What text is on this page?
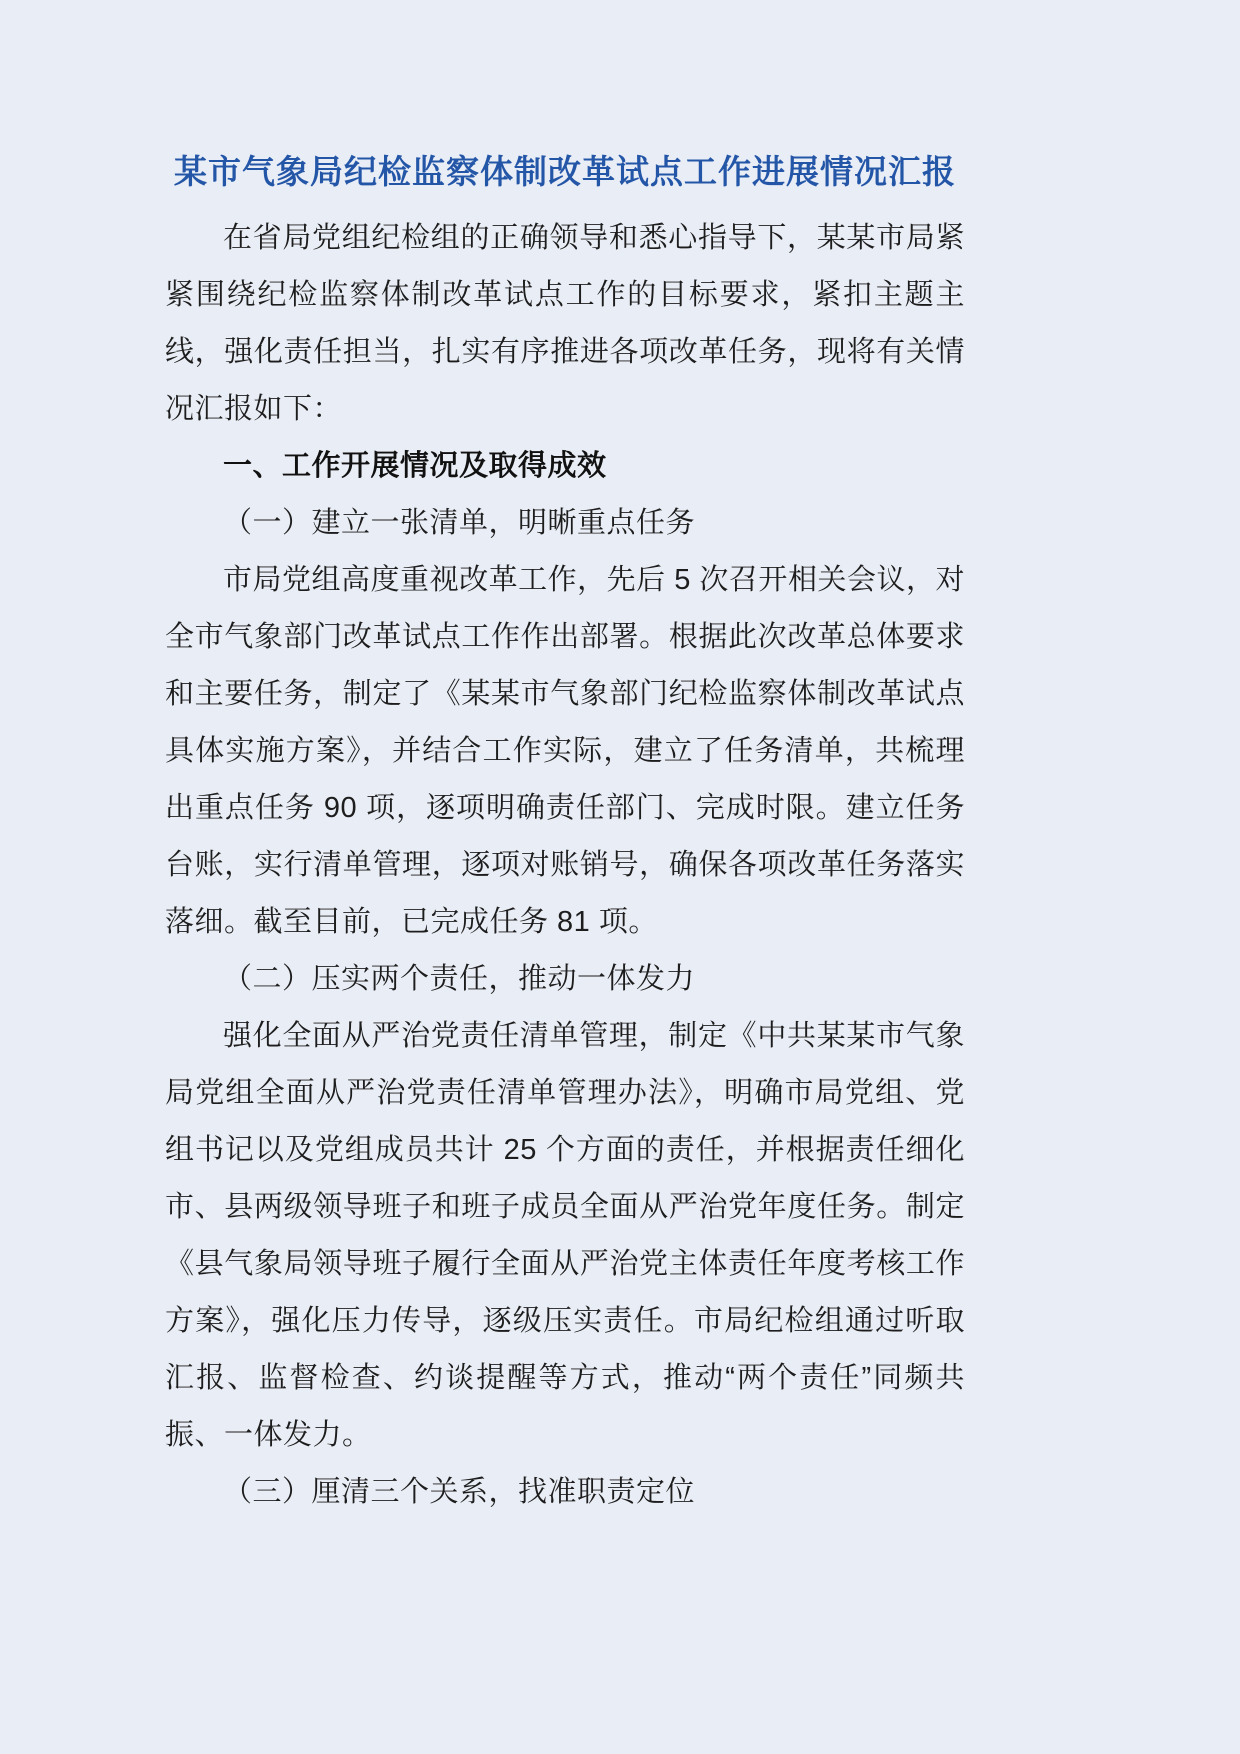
某市气象局纪检监察体制改革试点工作进展情况汇报

在省局党组纪检组的正确领导和悉心指导下，某某市局紧紧围绕纪检监察体制改革试点工作的目标要求，紧扣主题主线，强化责任担当，扎实有序推进各项改革任务，现将有关情况汇报如下：

一、工作开展情况及取得成效

（一）建立一张清单，明晰重点任务

市局党组高度重视改革工作，先后 5 次召开相关会议，对全市气象部门改革试点工作作出部署。根据此次改革总体要求和主要任务，制定了《某某市气象部门纪检监察体制改革试点具体实施方案》，并结合工作实际，建立了任务清单，共梳理出重点任务 90 项，逐项明确责任部门、完成时限。建立任务台账，实行清单管理，逐项对账销号，确保各项改革任务落实落细。截至目前，已完成任务 81 项。

（二）压实两个责任，推动一体发力

强化全面从严治党责任清单管理，制定《中共某某市气象局党组全面从严治党责任清单管理办法》，明确市局党组、党组书记以及党组成员共计 25 个方面的责任，并根据责任细化市、县两级领导班子和班子成员全面从严治党年度任务。制定《县气象局领导班子履行全面从严治党主体责任年度考核工作方案》，强化压力传导，逐级压实责任。市局纪检组通过听取汇报、监督检查、约谈提醒等方式，推动“两个责任”同频共振、一体发力。

（三）厘清三个关系，找准职责定位
